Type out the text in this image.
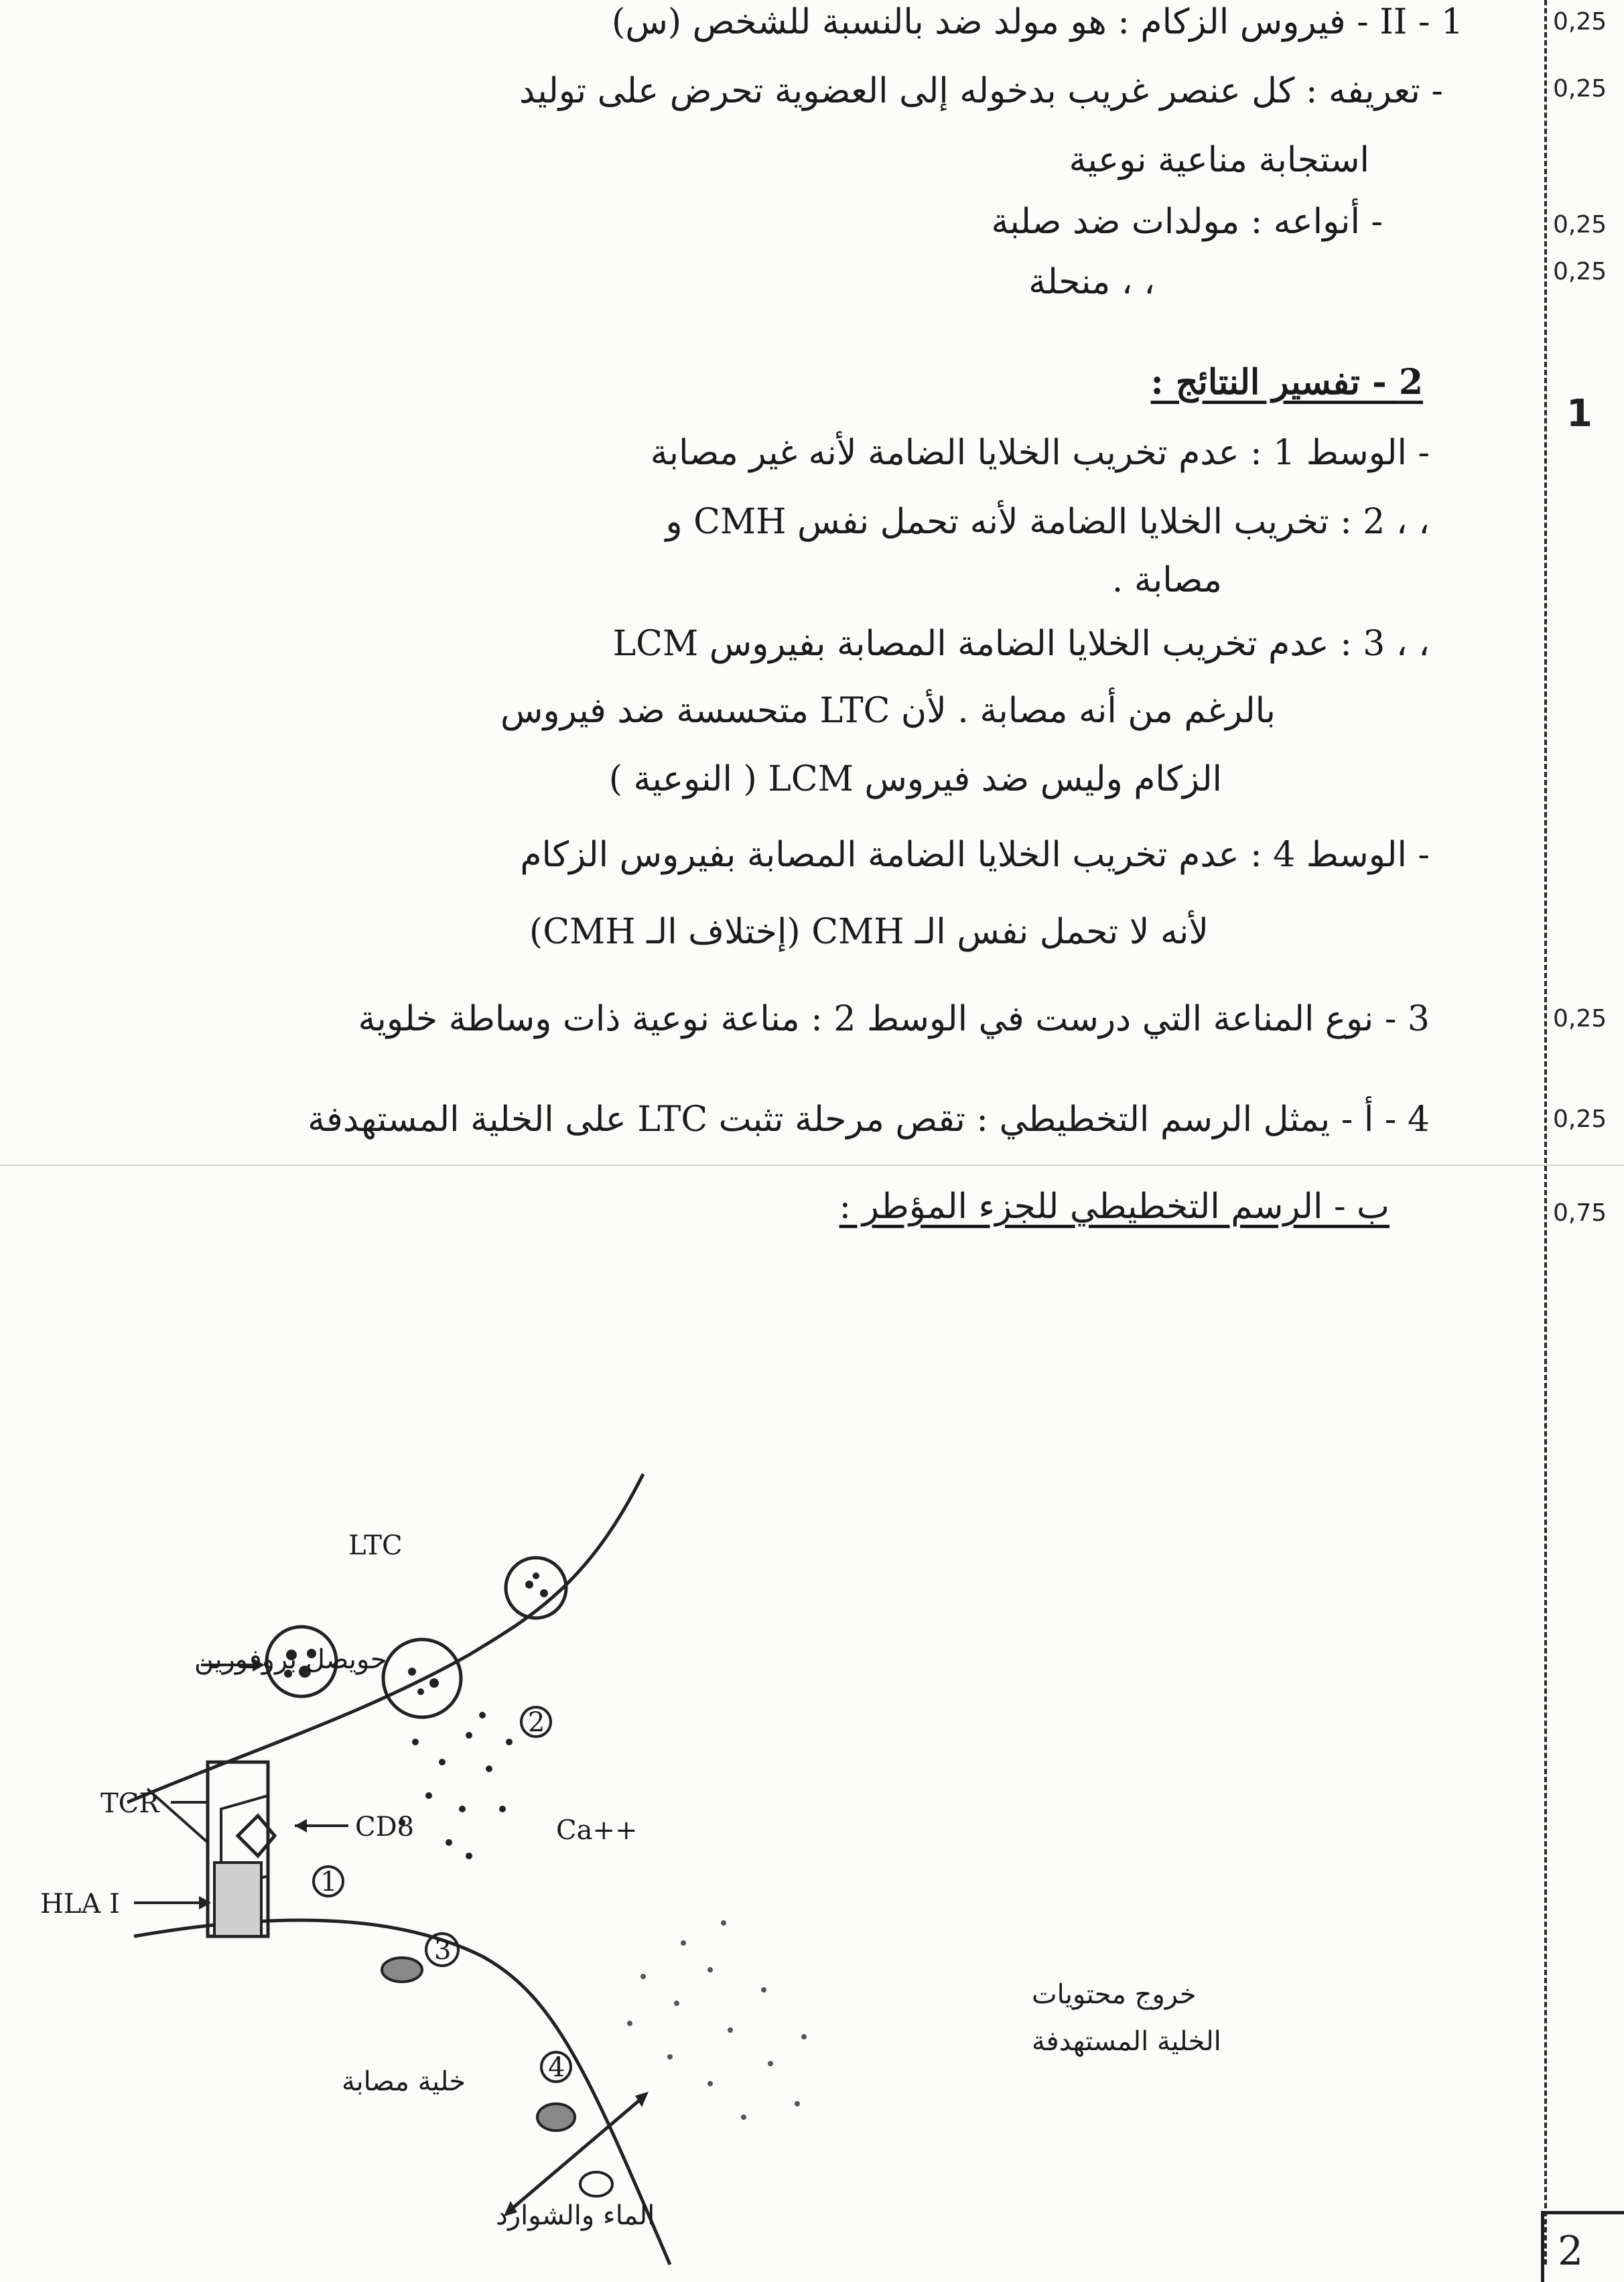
0,25
0,25
0,25
0,25
1
0,25
0,25
0,75
II - 1 - فيروس الزكام : هو مولد ضد بالنسبة للشخص (س)
- تعريفه : كل عنصر غريب بدخوله إلى العضوية تحرض على توليد
استجابة مناعية نوعية
- أنواعه : مولدات ضد صلبة
، ، منحلة
2 - تفسير النتائج :
- الوسط 1 : عدم تخريب الخلايا الضامة لأنه غير مصابة
، ، 2 : تخريب الخلايا الضامة لأنه تحمل نفس CMH و
مصابة .
، ، 3 : عدم تخريب الخلايا الضامة المصابة بفيروس LCM
بالرغم من أنه مصابة . لأن LTC متحسسة ضد فيروس
الزكام وليس ضد فيروس LCM ( النوعية )
- الوسط 4 : عدم تخريب الخلايا الضامة المصابة بفيروس الزكام
لأنه لا تحمل نفس الـ CMH (إختلاف الـ CMH)
3 - نوع المناعة التي درست في الوسط 2 : مناعة نوعية ذات وساطة خلوية
4 - أ - يمثل الرسم التخطيطي : تقص مرحلة تثبت LTC على الخلية المستهدفة
ب - الرسم التخطيطي للجزء المؤطر :
1
2
3
4
LTC
حويصل بروفورين
TCR
CD8
HLA I
Ca++
خلية مصابة
خروج محتويات
الخلية المستهدفة
الماء والشوارد
2
